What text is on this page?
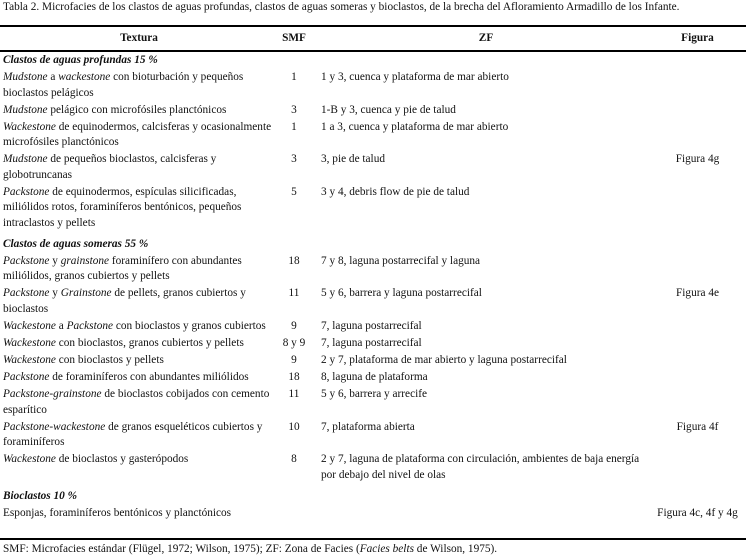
Tabla 2. Microfacies de los clastos de aguas profundas, clastos de aguas someras y bioclastos, de la brecha del Afloramiento Armadillo de los Infante.
Textura	SMF	ZF	Figura
Clastos de aguas profundas 15 %			
Mudstone a wackestone con bioturbación y pequeños bioclastos pelágicos	1	1 y 3, cuenca y plataforma de mar abierto	
Mudstone pelágico con microfósiles planctónicos	3	1-B y 3, cuenca y pie de talud	
Wackestone de equinodermos, calcisferas y ocasionalmente microfósiles planctónicos	1	1 a 3, cuenca y plataforma de mar abierto	
Mudstone de pequeños bioclastos, calcisferas y globotruncanas	3	3, pie de talud	Figura 4g
Packstone de equinodermos, espículas silicificadas, miliólidos rotos, foraminíferos bentónicos, pequeños intraclastos y pellets	5	3 y 4, debris flow de pie de talud	
Clastos de aguas someras 55 %			
Packstone y grainstone foraminífero con abundantes miliólidos, granos cubiertos y pellets	18	7 y 8, laguna postarrecifal y laguna	
Packstone y Grainstone de pellets, granos cubiertos y bioclastos	11	5 y 6, barrera y laguna postarrecifal	Figura 4e
Wackestone a Packstone con bioclastos y granos cubiertos	9	7, laguna postarrecifal	
Wackestone con bioclastos, granos cubiertos y pellets	8 y 9	7, laguna postarrecifal	
Wackestone con bioclastos y pellets	9	2 y 7, plataforma de mar abierto y laguna postarrecifal	
Packstone de foraminíferos con abundantes miliólidos	18	8, laguna de plataforma	
Packstone-grainstone de bioclastos cobijados con cemento esparítico	11	5 y 6, barrera y arrecife	
Packstone-wackestone de granos esqueléticos cubiertos y foraminíferos	10	7, plataforma abierta	Figura 4f
Wackestone de bioclastos y gasterópodos	8	2 y 7, laguna de plataforma con circulación, ambientes de baja energía por debajo del nivel de olas	
Bioclastos 10 %			
Esponjas, foraminíferos bentónicos y planctónicos			Figura 4c, 4f y 4g
SMF: Microfacies estándar (Flügel, 1972; Wilson, 1975); ZF: Zona de Facies (Facies belts de Wilson, 1975).
